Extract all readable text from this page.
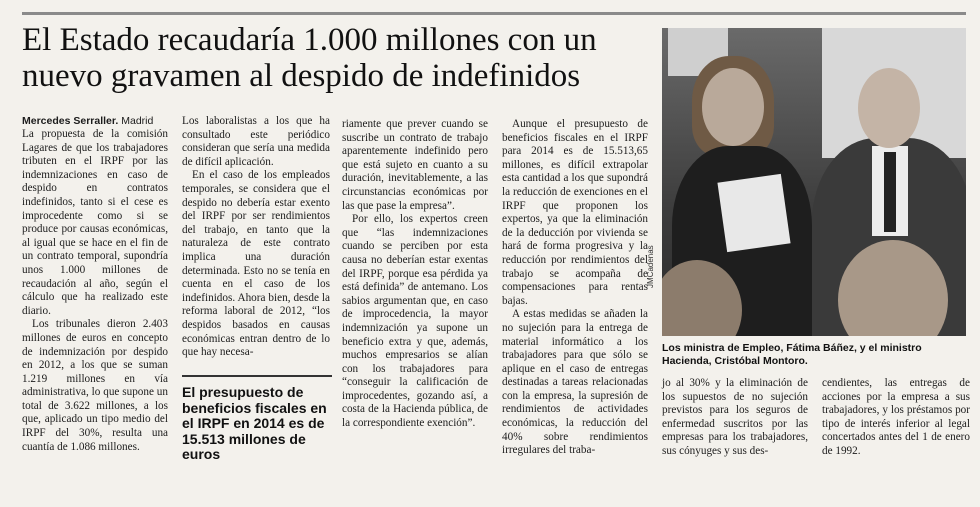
El Estado recaudaría 1.000 millones con un nuevo gravamen al despido de indefinidos

Mercedes Serraller. Madrid

La propuesta de la comisión Lagares de que los trabajadores tributen en el IRPF por las indemnizaciones en caso de despido en contratos indefinidos, tanto si el cese es improcedente como si se produce por causas económicas, al igual que se hace en el fin de un contrato temporal, supondría unos 1.000 millones de recaudación al año, según el cálculo que ha realizado este diario.

Los tribunales dieron 2.403 millones de euros en concepto de indemnización por despido en 2012, a los que se suman 1.219 millones en vía administrativa, lo que supone un total de 3.622 millones, a los que, aplicado un tipo medio del IRPF del 30%, resulta una cuantía de 1.086 millones.

Los laboralistas a los que ha consultado este periódico consideran que sería una medida de difícil aplicación.

En el caso de los empleados temporales, se considera que el despido no debería estar exento del IRPF por ser rendimientos del trabajo, en tanto que la naturaleza de este contrato implica una duración determinada. Esto no se tenía en cuenta en el caso de los indefinidos. Ahora bien, desde la reforma laboral de 2012, “los despidos basados en causas económicas entran dentro de lo que hay necesa-

El presupuesto de beneficios fiscales en el IRPF en 2014 es de 15.513 millones de euros

riamente que prever cuando se suscribe un contrato de trabajo aparentemente indefinido pero que está sujeto en cuanto a su duración, inevitablemente, a las circunstancias económicas por las que pase la empresa”.

Por ello, los expertos creen que “las indemnizaciones cuando se perciben por esta causa no deberían estar exentas del IRPF, porque esa pérdida ya está definida” de antemano. Los sabios argumentan que, en caso de improcedencia, la mayor indemnización ya supone un beneficio extra y que, además, muchos empresarios se alían con los trabajadores para “conseguir la calificación de improcedentes, gozando así, a costa de la Hacienda pública, de la correspondiente exención”.

Aunque el presupuesto de beneficios fiscales en el IRPF para 2014 es de 15.513,65 millones, es difícil extrapolar esta cantidad a los que supondrá la reducción de exenciones en el IRPF que proponen los expertos, ya que la eliminación de la deducción por vivienda se hará de forma progresiva y la reducción por rendimientos del trabajo se acompaña de compensaciones para rentas bajas.

A estas medidas se añaden la no sujeción para la entrega de material informático a los trabajadores para que sólo se aplique en el caso de entregas destinadas a tareas relacionadas con la empresa, la supresión de rendimientos de actividades económicas, la reducción del 40% sobre rendimientos irregulares del traba-

JMCadenas
Los ministra de Empleo, Fátima Báñez, y el ministro Hacienda, Cristóbal Montoro.

jo al 30% y la eliminación de los supuestos de no sujeción previstos para los seguros de enfermedad suscritos por las empresas para los trabajadores, sus cónyuges y sus des-

cendientes, las entregas de acciones por la empresa a sus trabajadores, y los préstamos por tipo de interés inferior al legal concertados antes del 1 de enero de 1992.
